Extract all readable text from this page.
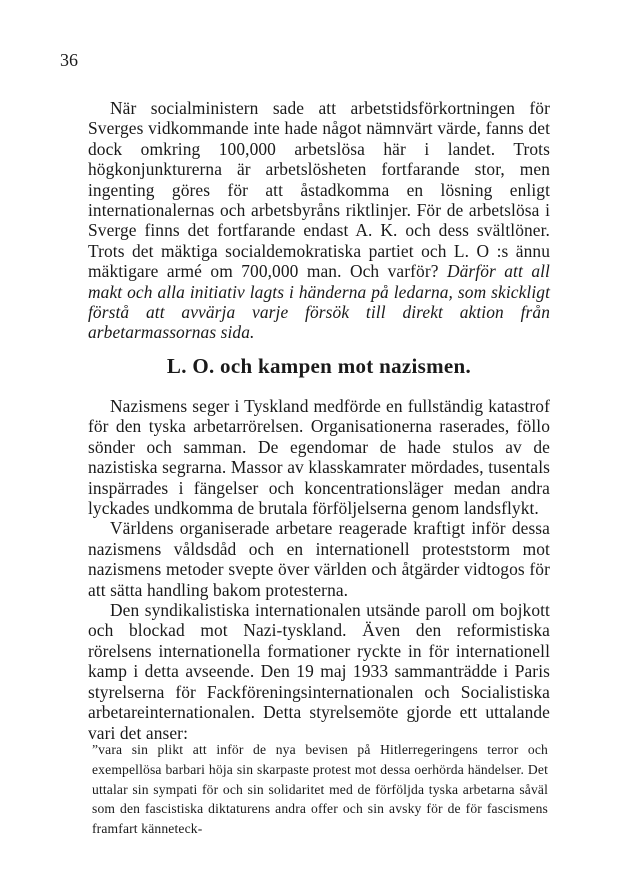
36

När socialministern sade att arbetstidsförkortningen för Sverges vidkommande inte hade något nämnvärt värde, fanns det dock omkring 100,000 arbetslösa här i landet. Trots högkonjunkturerna är arbetslösheten fortfarande stor, men ingenting göres för att åstadkomma en lösning enligt internationalernas och arbetsbyråns riktlinjer. För de arbetslösa i Sverge finns det fortfarande endast A. K. och dess svältlöner. Trots det mäktiga socialdemokratiska partiet och L. O :s ännu mäktigare armé om 700,000 man. Och varför? Därför att all makt och alla initiativ lagts i händerna på ledarna, som skickligt förstå att avvärja varje försök till direkt aktion från arbetarmassornas sida.

L. O. och kampen mot nazismen.

Nazismens seger i Tyskland medförde en fullständig katastrof för den tyska arbetarrörelsen. Organisationerna raserades, föllo sönder och samman. De egendomar de hade stulos av de nazistiska segrarna. Massor av klasskamrater mördades, tusentals inspärrades i fängelser och koncentrationsläger medan andra lyckades undkomma de brutala förföljelserna genom landsflykt.

Världens organiserade arbetare reagerade kraftigt inför dessa nazismens våldsdåd och en internationell proteststorm mot nazismens metoder svepte över världen och åtgärder vidtogos för att sätta handling bakom protesterna.

Den syndikalistiska internationalen utsände paroll om bojkott och blockad mot Nazi-tyskland. Även den reformistiska rörelsens internationella formationer ryckte in för internationell kamp i detta avseende. Den 19 maj 1933 sammanträdde i Paris styrelserna för Fackföreningsinternationalen och Socialistiska arbetareinternationalen. Detta styrelsemöte gjorde ett uttalande vari det anser:

”vara sin plikt att inför de nya bevisen på Hitlerregeringens terror och exempellösa barbari höja sin skarpaste protest mot dessa oerhörda händelser. Det uttalar sin sympati för och sin solidaritet med de förföljda tyska arbetarna såväl som den fascistiska diktaturens andra offer och sin avsky för de för fascismens framfart känneteck-
